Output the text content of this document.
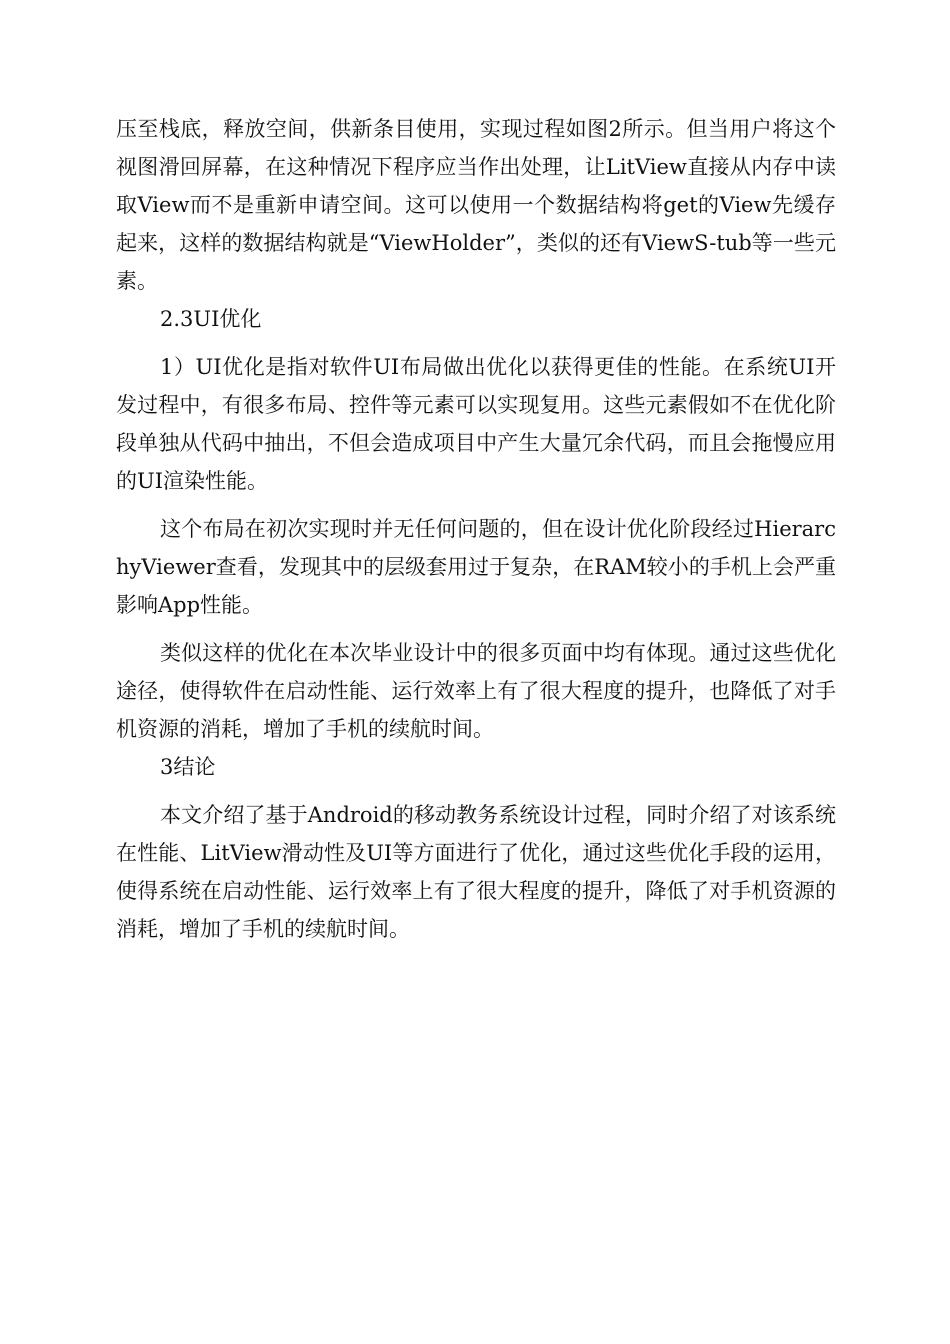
压至栈底，释放空间，供新条目使用，实现过程如图2所示。但当用户将这个视图滑回屏幕，在这种情况下程序应当作出处理，让LitView直接从内存中读取View而不是重新申请空间。这可以使用一个数据结构将get的View先缓存起来，这样的数据结构就是“ViewHolder”，类似的还有ViewS-tub等一些元素。

2.3UI优化

1）UI优化是指对软件UI布局做出优化以获得更佳的性能。在系统UI开发过程中，有很多布局、控件等元素可以实现复用。这些元素假如不在优化阶段单独从代码中抽出，不但会造成项目中产生大量冗余代码，而且会拖慢应用的UI渲染性能。

这个布局在初次实现时并无任何问题的，但在设计优化阶段经过HierarchyViewer查看，发现其中的层级套用过于复杂，在RAM较小的手机上会严重影响App性能。

类似这样的优化在本次毕业设计中的很多页面中均有体现。通过这些优化途径，使得软件在启动性能、运行效率上有了很大程度的提升，也降低了对手机资源的消耗，增加了手机的续航时间。

3结论

本文介绍了基于Android的移动教务系统设计过程，同时介绍了对该系统在性能、LitView滑动性及UI等方面进行了优化，通过这些优化手段的运用，使得系统在启动性能、运行效率上有了很大程度的提升，降低了对手机资源的消耗，增加了手机的续航时间。
